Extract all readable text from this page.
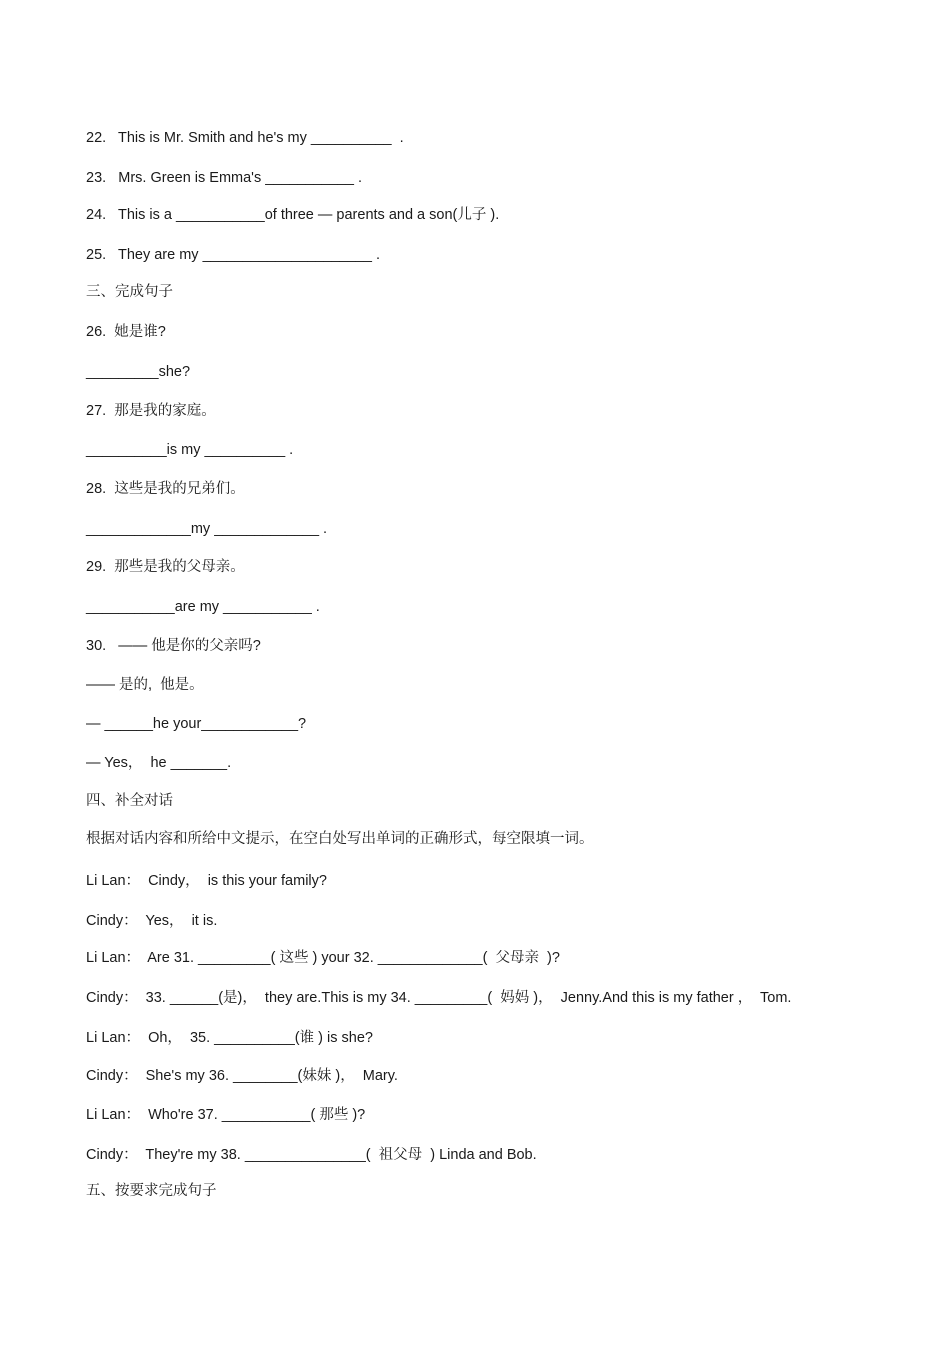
22.   This is Mr. Smith and he's my __________  .
23.   Mrs. Green is Emma's ___________ .
24.   This is a ___________of three — parents and a son(儿子 ).
25.   They are my _____________________ .
三、完成句子
26.  她是谁?
_________she?
27.  那是我的家庭。
__________is my __________ .
28.  这些是我的兄弟们。
_____________my _____________ .
29.  那些是我的父母亲。
___________are my ___________ .
30.   —— 他是你的父亲吗?
—— 是的,  他是。
— ______he your____________?
— Yes，  he _______.
四、补全对话
根据对话内容和所给中文提示，在空白处写出单词的正确形式，每空限填一词。
Li Lan：  Cindy，  is this your family?
Cindy：  Yes，  it is.
Li Lan：  Are 31. _________( 这些 ) your 32. _____________(  父母亲  )?
Cindy：  33. ______(是)，  they are.This is my 34. _________(  妈妈 )，  Jenny.And this is my father ，  Tom.
Li Lan：  Oh，  35. __________(谁 ) is she?
Cindy：  She's my 36. ________(妹妹 )，  Mary.
Li Lan：  Who're 37. ___________( 那些 )?
Cindy：  They're my 38. _______________(  祖父母  ) Linda and Bob.
五、按要求完成句子
